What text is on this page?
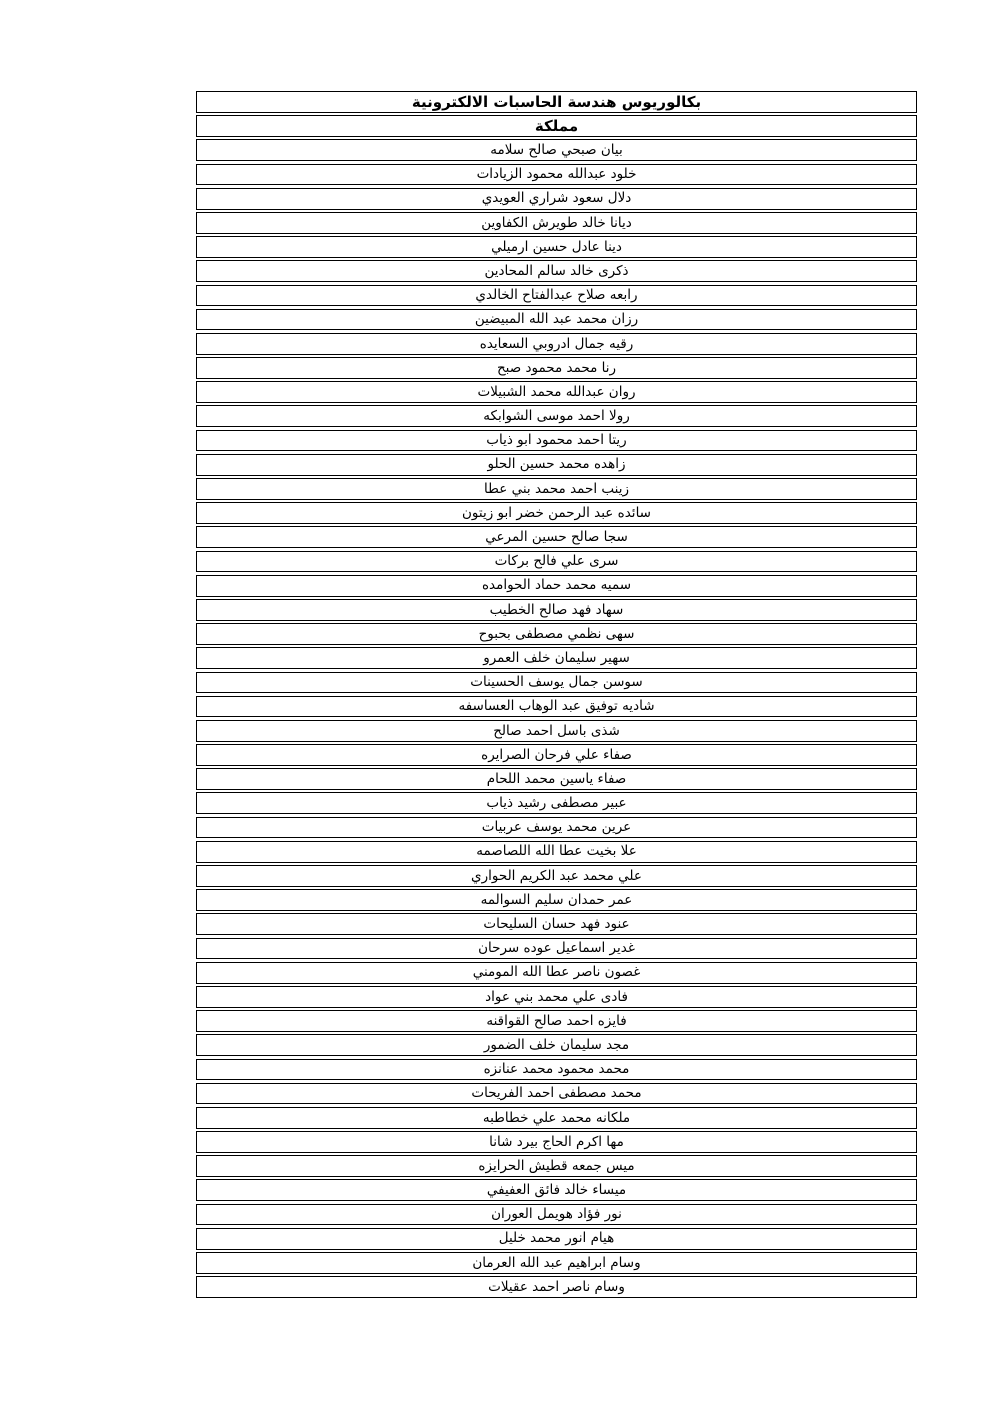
بكالوريوس هندسة الحاسبات الالكترونية
مملكة
بيان صبحي صالح سلامه
خلود عبدالله محمود الزيادات
دلال سعود شراري العويدي
ديانا خالد طويرش الكفاوين
دينا عادل حسين ارميلي
ذكرى خالد سالم المحادين
رابعه صلاح عبدالفتاح الخالدي
رزان محمد عبد الله المبيضين
رقيه جمال ادروبي السعايده
رنا محمد محمود صبح
روان عبدالله محمد الشبيلات
رولا احمد موسى الشوابكه
ريتا احمد محمود ابو ذياب
زاهده محمد حسين الحلو
زينب احمد محمد بني عطا
سائده عبد الرحمن خضر ابو زيتون
سجا صالح حسين المرعي
سرى علي فالح بركات
سميه محمد حماد الحوامده
سهاد فهد صالح الخطيب
سهى نظمي مصطفى بحبوح
سهير سليمان خلف العمرو
سوسن جمال يوسف الحسينات
شاديه توفيق عبد الوهاب العساسفه
شذى باسل احمد صالح
صفاء علي فرحان الصرايره
صفاء ياسين محمد اللحام
عبير مصطفى رشيد ذياب
عرين محمد يوسف عربيات
علا بخيت عطا الله اللصاصمه
علي محمد عبد الكريم الحواري
عمر حمدان سليم السوالمه
عنود فهد حسان السليحات
غدير اسماعيل عوده سرحان
غصون ناصر عطا الله المومني
فادى علي محمد بني عواد
فايزه احمد صالح القواقنه
مجد سليمان خلف الضمور
محمد محمود محمد عنانزه
محمد مصطفى احمد الفريحات
ملكانه محمد علي خطاطبه
مها اكرم الحاج بيرد شانا
ميس جمعه قطيش الحرايزه
ميساء خالد فائق العفيفي
نور فؤاد هويمل العوران
هيام انور محمد خليل
وسام ابراهيم عبد الله العرمان
وسام ناصر احمد عقيلات
